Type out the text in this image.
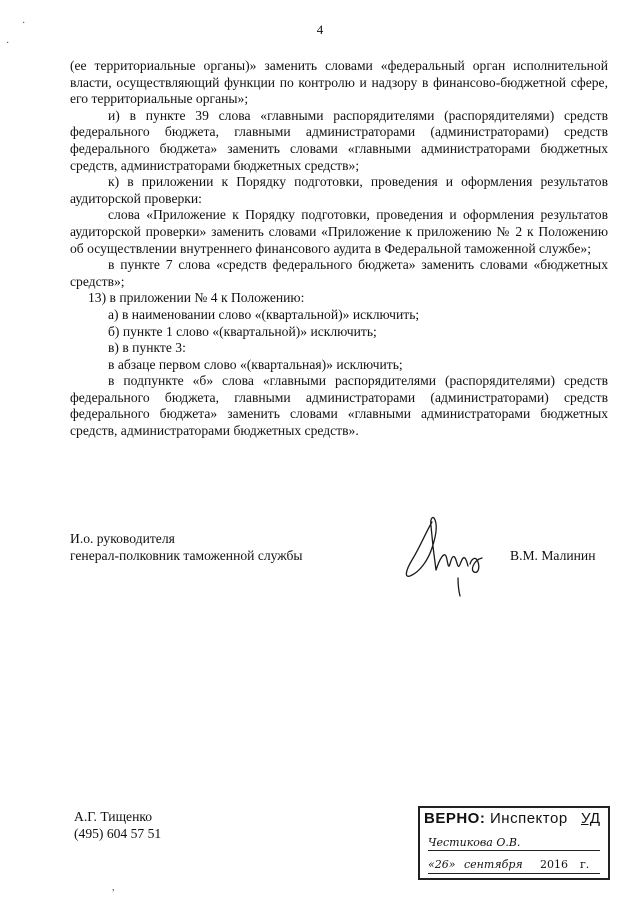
4
·
·
,

(ее территориальные органы)» заменить словами «федеральный орган исполнительной власти, осуществляющий функции по контролю и надзору в финансово-бюджетной сфере, его территориальные органы»;

и) в пункте 39 слова «главными распорядителями (распорядителями) средств федерального бюджета, главными администраторами (администраторами) средств федерального бюджета» заменить словами «главными администраторами бюджетных средств, администраторами бюджетных средств»;

к) в приложении к Порядку подготовки, проведения и оформления результатов аудиторской проверки:

слова «Приложение к Порядку подготовки, проведения и оформления результатов аудиторской проверки» заменить словами «Приложение к приложению № 2 к Положению об осуществлении внутреннего финансового аудита в Федеральной таможенной службе»;

в пункте 7 слова «средств федерального бюджета» заменить словами «бюджетных средств»;

13) в приложении № 4 к Положению:

а) в наименовании слово «(квартальной)» исключить;

б) пункте 1 слово «(квартальной)» исключить;

в) в пункте 3:

в абзаце первом слово «(квартальная)» исключить;

в подпункте «б» слова «главными распорядителями (распорядителями) средств федерального бюджета, главными администраторами (администраторами) средств федерального бюджета» заменить словами «главными администраторами бюджетных средств, администраторами бюджетных средств».

И.о. руководителя
генерал-полковник таможенной службы	В.М. Малинин
А.Г. Тищенко
(495) 604 57 51
ВЕРНО: Инспектор УД
Честикова О.В.
«26» сентября 2016 г.
